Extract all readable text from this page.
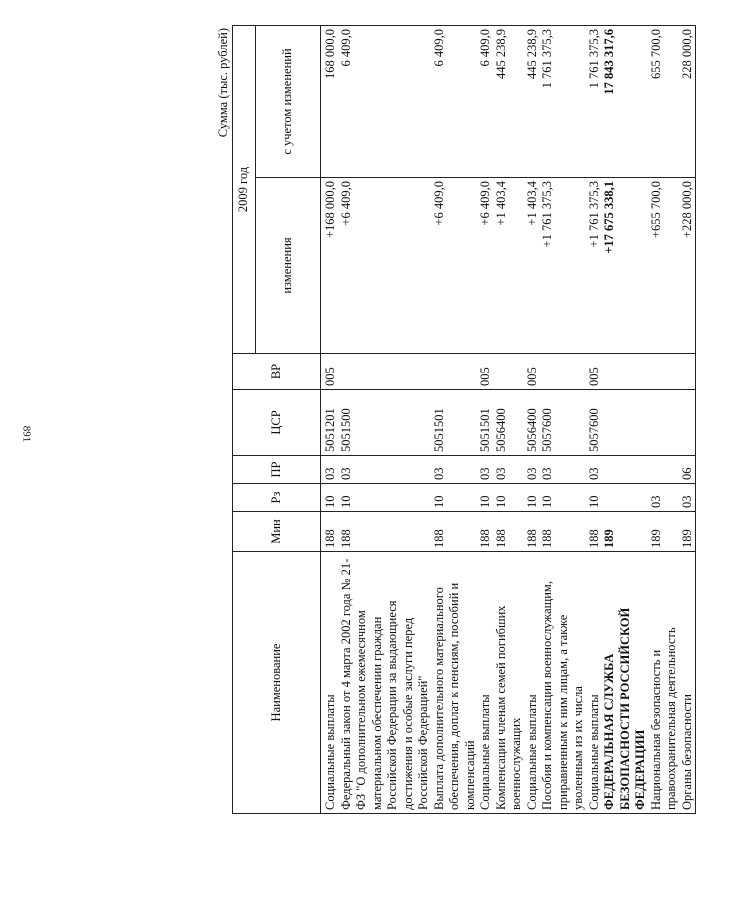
891
Сумма (тыс. рублей)
Наименование	Мин	Рз	ПР	ЦСР	ВР	2009 год	
						изменения	с учетом изменений
Социальные выплаты	188	10	03	5051201	005	+168 000,0	168 000,0
Федеральный закон от 4 марта 2002 года № 21-ФЗ "О дополнительном ежемесячном материальном обеспечении граждан Российской Федерации за выдающиеся достижения и особые заслуги перед Российской Федерацией"	188	10	03	5051500		+6 409,0	6 409,0
Выплата дополнительного материального обеспечения, доплат к пенсиям, пособий и компенсаций	188	10	03	5051501		+6 409,0	6 409,0
Социальные выплаты	188	10	03	5051501	005	+6 409,0	6 409,0
Компенсации членам семей погибших военнослужащих	188	10	03	5056400		+1 403,4	445 238,9
Социальные выплаты	188	10	03	5056400	005	+1 403,4	445 238,9
Пособия и компенсации военнослужащим, приравненным к ним лицам, а также уволенным из их числа	188	10	03	5057600		+1 761 375,3	1 761 375,3
Социальные выплаты	188	10	03	5057600	005	+1 761 375,3	1 761 375,3
ФЕДЕРАЛЬНАЯ СЛУЖБА БЕЗОПАСНОСТИ РОССИЙСКОЙ ФЕДЕРАЦИИ	189					+17 675 338,1	17 843 317,6
Национальная безопасность и правоохранительная деятельность	189	03				+655 700,0	655 700,0
Органы безопасности	189	03	06			+228 000,0	228 000,0
